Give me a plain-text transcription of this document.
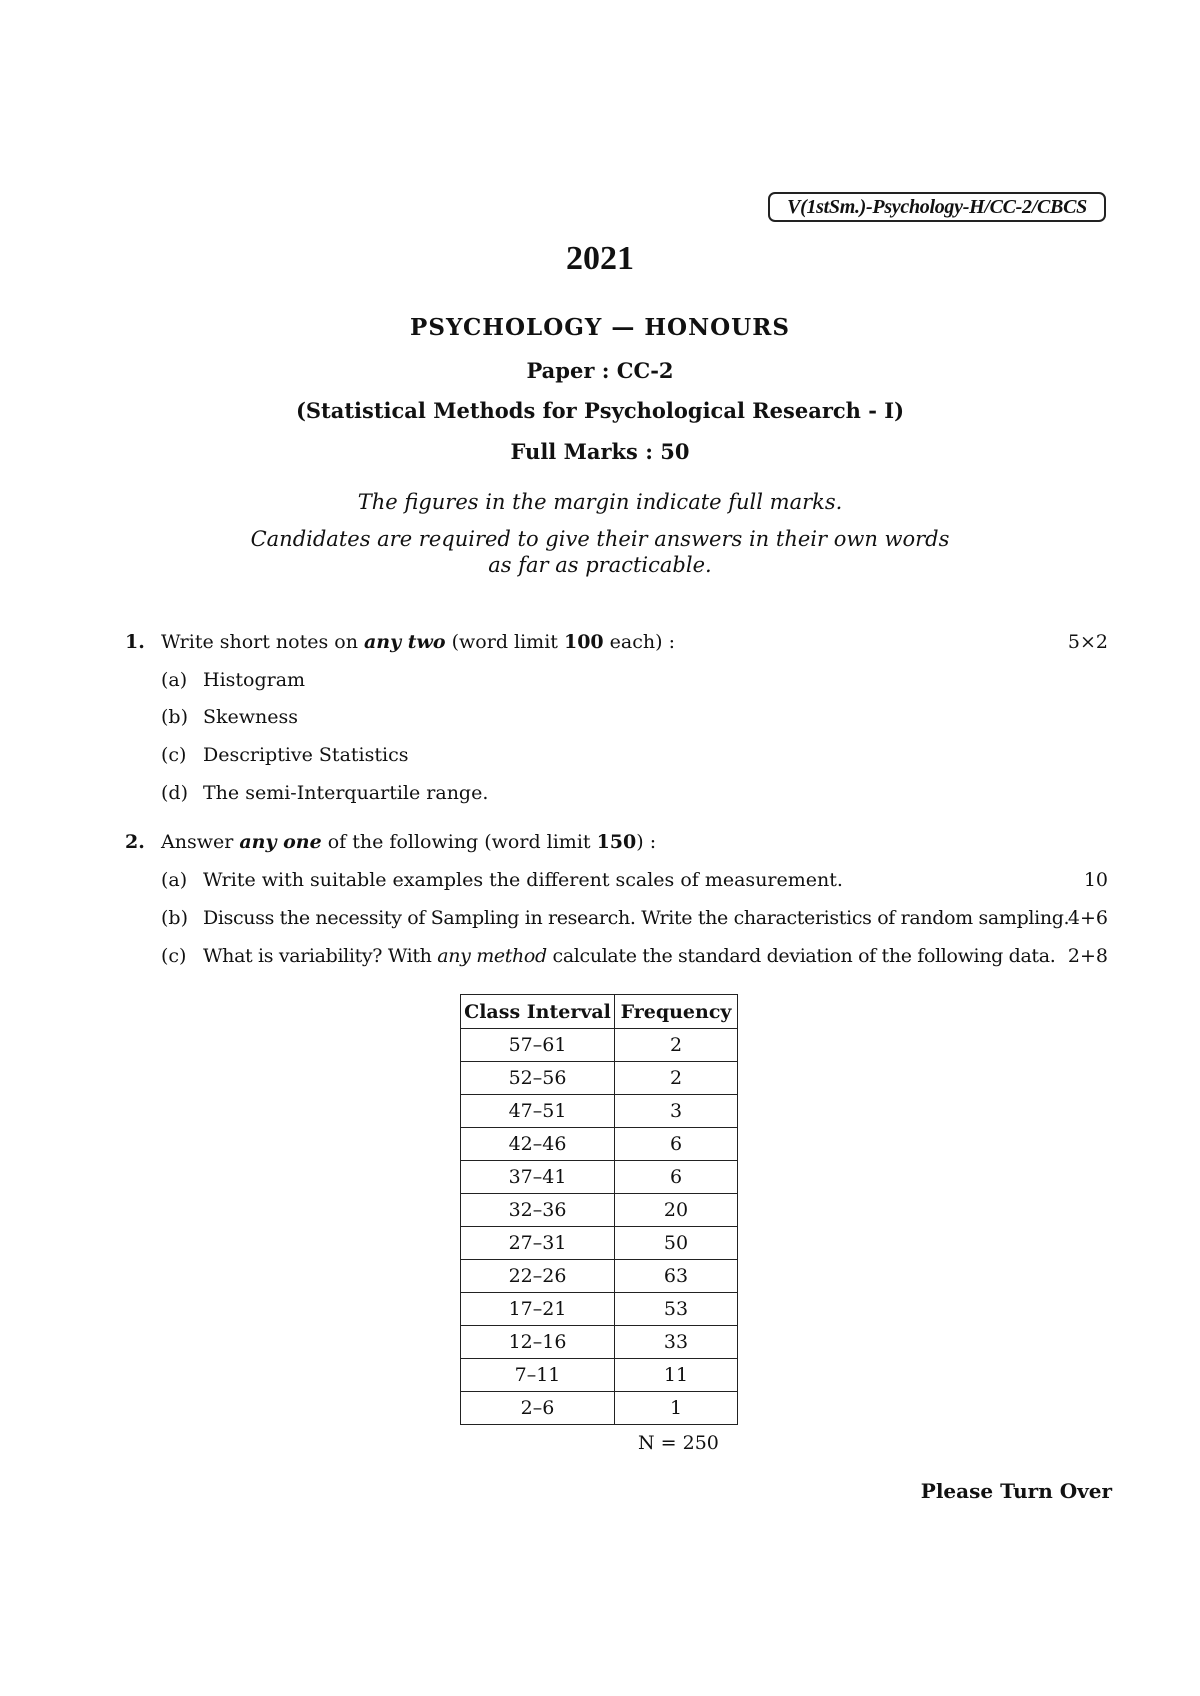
V(1stSm.)-Psychology-H/CC-2/CBCS
2021
PSYCHOLOGY — HONOURS
Paper : CC-2
(Statistical Methods for Psychological Research - I)
Full Marks : 50
The figures in the margin indicate full marks.
Candidates are required to give their answers in their own words
as far as practicable.
1. Write short notes on any two (word limit 100 each) :	5×2
(a) Histogram
(b) Skewness
(c) Descriptive Statistics
(d) The semi-Interquartile range.
2. Answer any one of the following (word limit 150) :
(a) Write with suitable examples the different scales of measurement.	10
(b) Discuss the necessity of Sampling in research. Write the characteristics of random sampling.
4+6
(c) What is variability? With any method calculate the standard deviation of the following data. 2+8
Class Interval	Frequency
57–61	2
52–56	2
47–51	3
42–46	6
37–41	6
32–36	20
27–31	50
22–26	63
17–21	53
12–16	33
7–11	11
2–6	1
N = 250
Please Turn Over
